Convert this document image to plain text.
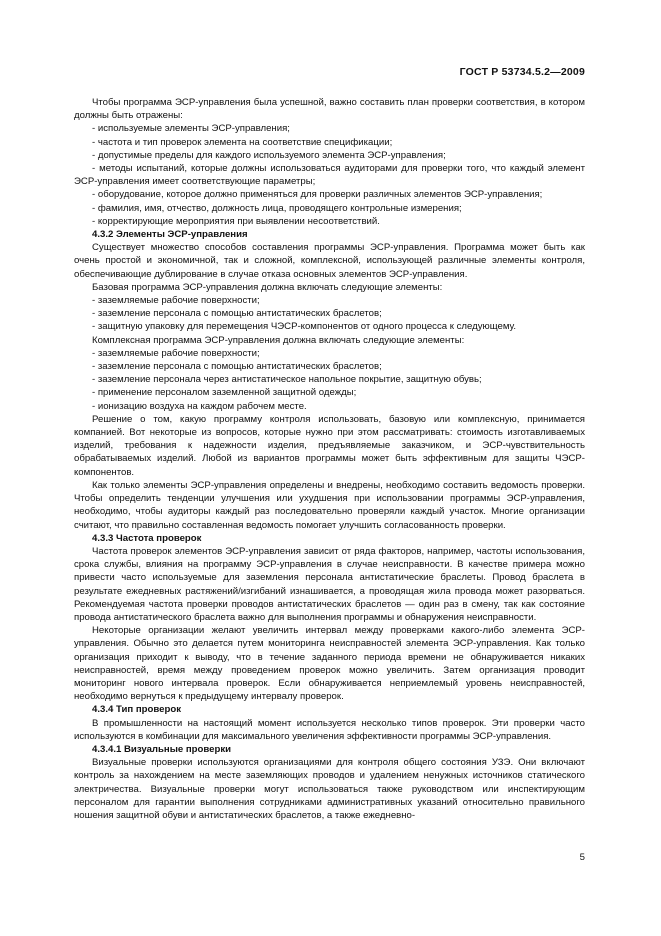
ГОСТ Р 53734.5.2—2009

Чтобы программа ЭСР-управления была успешной, важно составить план проверки соответствия, в котором должны быть отражены:

- используемые элементы ЭСР-управления;

- частота и тип проверок элемента на соответствие спецификации;

- допустимые пределы для каждого используемого элемента ЭСР-управления;

- методы испытаний, которые должны использоваться аудиторами для проверки того, что каждый элемент ЭСР-управления имеет соответствующие параметры;

- оборудование, которое должно применяться для проверки различных элементов ЭСР-управления;

- фамилия, имя, отчество, должность лица, проводящего контрольные измерения;

- корректирующие мероприятия при выявлении несоответствий.

4.3.2 Элементы ЭСР-управления

Существует множество способов составления программы ЭСР-управления. Программа может быть как очень простой и экономичной, так и сложной, комплексной, использующей различные элементы контроля, обеспечивающие дублирование в случае отказа основных элементов ЭСР-управления.

Базовая программа ЭСР-управления должна включать следующие элементы:

- заземляемые рабочие поверхности;

- заземление персонала с помощью антистатических браслетов;

- защитную упаковку для перемещения ЧЭСР-компонентов от одного процесса к следующему.

Комплексная программа ЭСР-управления должна включать следующие элементы:

- заземляемые рабочие поверхности;

- заземление персонала с помощью антистатических браслетов;

- заземление персонала через антистатическое напольное покрытие, защитную обувь;

- применение персоналом заземленной защитной одежды;

- ионизацию воздуха на каждом рабочем месте.

Решение о том, какую программу контроля использовать, базовую или комплексную, принимается компанией. Вот некоторые из вопросов, которые нужно при этом рассматривать: стоимость изготавливаемых изделий, требования к надежности изделия, предъявляемые заказчиком, и ЭСР-чувствительность обрабатываемых изделий. Любой из вариантов программы может быть эффективным для защиты ЧЭСР- компонентов.

Как только элементы ЭСР-управления определены и внедрены, необходимо составить ведомость проверки. Чтобы определить тенденции улучшения или ухудшения при использовании программы ЭСР-управления, необходимо, чтобы аудиторы каждый раз последовательно проверяли каждый участок. Многие организации считают, что правильно составленная ведомость помогает улучшить согласованность проверки.

4.3.3 Частота проверок

Частота проверок элементов ЭСР-управления зависит от ряда факторов, например, частоты использования, срока службы, влияния на программу ЭСР-управления в случае неисправности. В качестве примера можно привести часто используемые для заземления персонала антистатические браслеты. Провод браслета в результате ежедневных растяжений/изгибаний изнашивается, а проводящая жила провода может разорваться. Рекомендуемая частота проверки проводов антистатических браслетов — один раз в смену, так как состояние провода антистатического браслета важно для выполнения программы и обнаружения неисправности.

Некоторые организации желают увеличить интервал между проверками какого-либо элемента ЭСР-управления. Обычно это делается путем мониторинга неисправностей элемента ЭСР-управления. Как только организация приходит к выводу, что в течение заданного периода времени не обнаруживается никаких неисправностей, время между проведением проверок можно увеличить. Затем организация проводит мониторинг нового интервала проверок. Если обнаруживается неприемлемый уровень неисправностей, необходимо вернуться к предыдущему интервалу проверок.

4.3.4 Тип проверок

В промышленности на настоящий момент используется несколько типов проверок. Эти проверки часто используются в комбинации для максимального увеличения эффективности программы ЭСР-управления.

4.3.4.1 Визуальные проверки

Визуальные проверки используются организациями для контроля общего состояния УЗЭ. Они включают контроль за нахождением на месте заземляющих проводов и удалением ненужных источников статического электричества. Визуальные проверки могут использоваться также руководством или инспектирующим персоналом для гарантии выполнения сотрудниками административных указаний относительно правильного ношения защитной обуви и антистатических браслетов, а также ежедневно-

5
